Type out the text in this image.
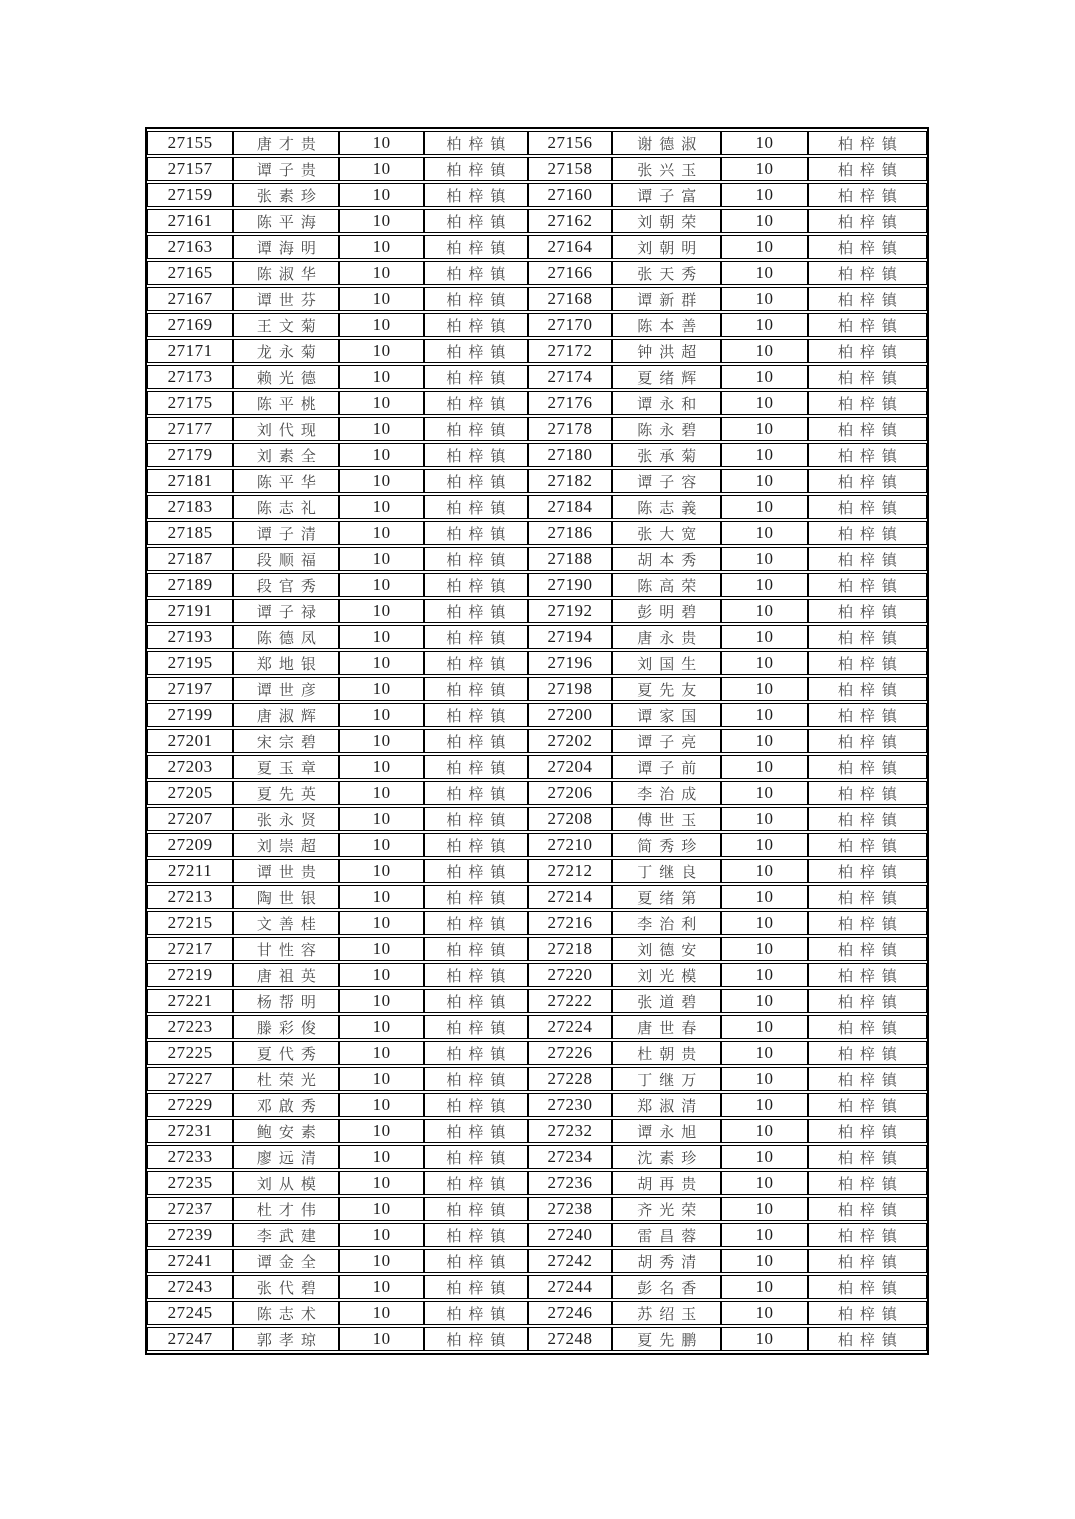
27155	唐才贵	10	柏梓镇	27156	谢德淑	10	柏梓镇
27157	谭子贵	10	柏梓镇	27158	张兴玉	10	柏梓镇
27159	张素珍	10	柏梓镇	27160	谭子富	10	柏梓镇
27161	陈平海	10	柏梓镇	27162	刘朝荣	10	柏梓镇
27163	谭海明	10	柏梓镇	27164	刘朝明	10	柏梓镇
27165	陈淑华	10	柏梓镇	27166	张天秀	10	柏梓镇
27167	谭世芬	10	柏梓镇	27168	谭新群	10	柏梓镇
27169	王文菊	10	柏梓镇	27170	陈本善	10	柏梓镇
27171	龙永菊	10	柏梓镇	27172	钟洪超	10	柏梓镇
27173	赖光德	10	柏梓镇	27174	夏绪辉	10	柏梓镇
27175	陈平桃	10	柏梓镇	27176	谭永和	10	柏梓镇
27177	刘代现	10	柏梓镇	27178	陈永碧	10	柏梓镇
27179	刘素全	10	柏梓镇	27180	张承菊	10	柏梓镇
27181	陈平华	10	柏梓镇	27182	谭子容	10	柏梓镇
27183	陈志礼	10	柏梓镇	27184	陈志義	10	柏梓镇
27185	谭子清	10	柏梓镇	27186	张大宽	10	柏梓镇
27187	段顺福	10	柏梓镇	27188	胡本秀	10	柏梓镇
27189	段官秀	10	柏梓镇	27190	陈高荣	10	柏梓镇
27191	谭子禄	10	柏梓镇	27192	彭明碧	10	柏梓镇
27193	陈德凤	10	柏梓镇	27194	唐永贵	10	柏梓镇
27195	郑地银	10	柏梓镇	27196	刘国生	10	柏梓镇
27197	谭世彦	10	柏梓镇	27198	夏先友	10	柏梓镇
27199	唐淑辉	10	柏梓镇	27200	谭家国	10	柏梓镇
27201	宋宗碧	10	柏梓镇	27202	谭子亮	10	柏梓镇
27203	夏玉章	10	柏梓镇	27204	谭子前	10	柏梓镇
27205	夏先英	10	柏梓镇	27206	李治成	10	柏梓镇
27207	张永贤	10	柏梓镇	27208	傅世玉	10	柏梓镇
27209	刘崇超	10	柏梓镇	27210	简秀珍	10	柏梓镇
27211	谭世贵	10	柏梓镇	27212	丁继良	10	柏梓镇
27213	陶世银	10	柏梓镇	27214	夏绪第	10	柏梓镇
27215	文善桂	10	柏梓镇	27216	李治利	10	柏梓镇
27217	甘性容	10	柏梓镇	27218	刘德安	10	柏梓镇
27219	唐祖英	10	柏梓镇	27220	刘光模	10	柏梓镇
27221	杨帮明	10	柏梓镇	27222	张道碧	10	柏梓镇
27223	滕彩俊	10	柏梓镇	27224	唐世春	10	柏梓镇
27225	夏代秀	10	柏梓镇	27226	杜朝贵	10	柏梓镇
27227	杜荣光	10	柏梓镇	27228	丁继万	10	柏梓镇
27229	邓啟秀	10	柏梓镇	27230	郑淑清	10	柏梓镇
27231	鲍安素	10	柏梓镇	27232	谭永旭	10	柏梓镇
27233	廖远清	10	柏梓镇	27234	沈素珍	10	柏梓镇
27235	刘从模	10	柏梓镇	27236	胡再贵	10	柏梓镇
27237	杜才伟	10	柏梓镇	27238	齐光荣	10	柏梓镇
27239	李武建	10	柏梓镇	27240	雷昌蓉	10	柏梓镇
27241	谭金全	10	柏梓镇	27242	胡秀清	10	柏梓镇
27243	张代碧	10	柏梓镇	27244	彭名香	10	柏梓镇
27245	陈志术	10	柏梓镇	27246	苏绍玉	10	柏梓镇
27247	郭孝琼	10	柏梓镇	27248	夏先鹏	10	柏梓镇
